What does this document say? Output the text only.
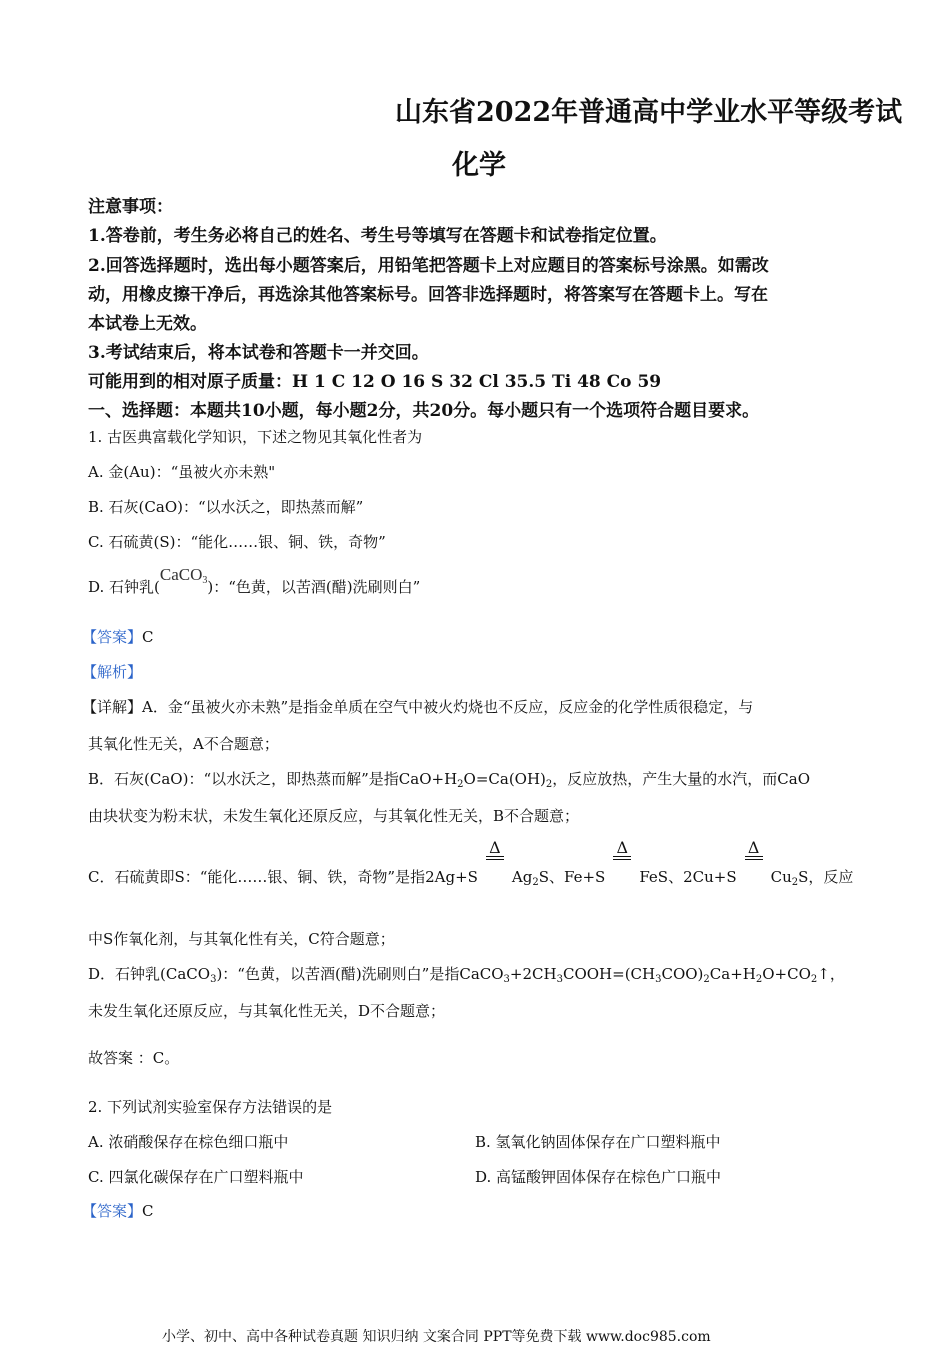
山东省2022年普通高中学业水平等级考试
化学
注意事项：
1.答卷前，考生务必将自己的姓名、考生号等填写在答题卡和试卷指定位置。
2.回答选择题时，选出每小题答案后，用铅笔把答题卡上对应题目的答案标号涂黑。如需改
动，用橡皮擦干净后，再选涂其他答案标号。回答非选择题时，将答案写在答题卡上。写在
本试卷上无效。
3.考试结束后，将本试卷和答题卡一并交回。
可能用到的相对原子质量：H 1 C 12 O 16 S 32 Cl 35.5 Ti 48 Co 59
一、选择题：本题共10小题，每小题2分，共20分。每小题只有一个选项符合题目要求。
1. 古医典富载化学知识，下述之物见其氧化性者为
A. 金(Au)：“虽被火亦未熟"
B. 石灰(CaO)：“以水沃之，即热蒸而解”
C. 石硫黄(S)：“能化……银、铜、铁，奇物”
D. 石钟乳(CaCO$_3$)：“色黄，以苦酒(醋)洗刷则白”
【答案】C
【解析】
【详解】A．金“虽被火亦未熟”是指金单质在空气中被火灼烧也不反应，反应金的化学性质很稳定，与
其氧化性无关，A不合题意；
B．石灰(CaO)：“以水沃之，即热蒸而解”是指$CaO+H_2O=Ca(OH)_2$，反应放热，产生大量的水汽，而CaO
由块状变为粉末状，未发生氧化还原反应，与其氧化性无关，B不合题意；
C．石硫黄即S：“能化……银、铜、铁，奇物”是指2Ag+S
Δ
$Ag_2S$、Fe+S
Δ
FeS、2Cu+S
Δ
$Cu_2S$，反应
中S作氧化剂，与其氧化性有关，C符合题意；
D．石钟乳(CaCO$_3$)：“色黄，以苦酒(醋)洗刷则白”是指$CaCO_3+2CH_3COOH=(CH_3COO)_2Ca+H_2O+CO_2↑$，
未发生氧化还原反应，与其氧化性无关，D不合题意；
故答案 ：C。
2. 下列试剂实验室保存方法错误的是
A. 浓硝酸保存在棕色细口瓶中	B. 氢氧化钠固体保存在广口塑料瓶中
C. 四氯化碳保存在广口塑料瓶中	D. 高锰酸钾固体保存在棕色广口瓶中
【答案】C
小学、初中、高中各种试卷真题 知识归纳 文案合同 PPT等免费下载 www.doc985.com
